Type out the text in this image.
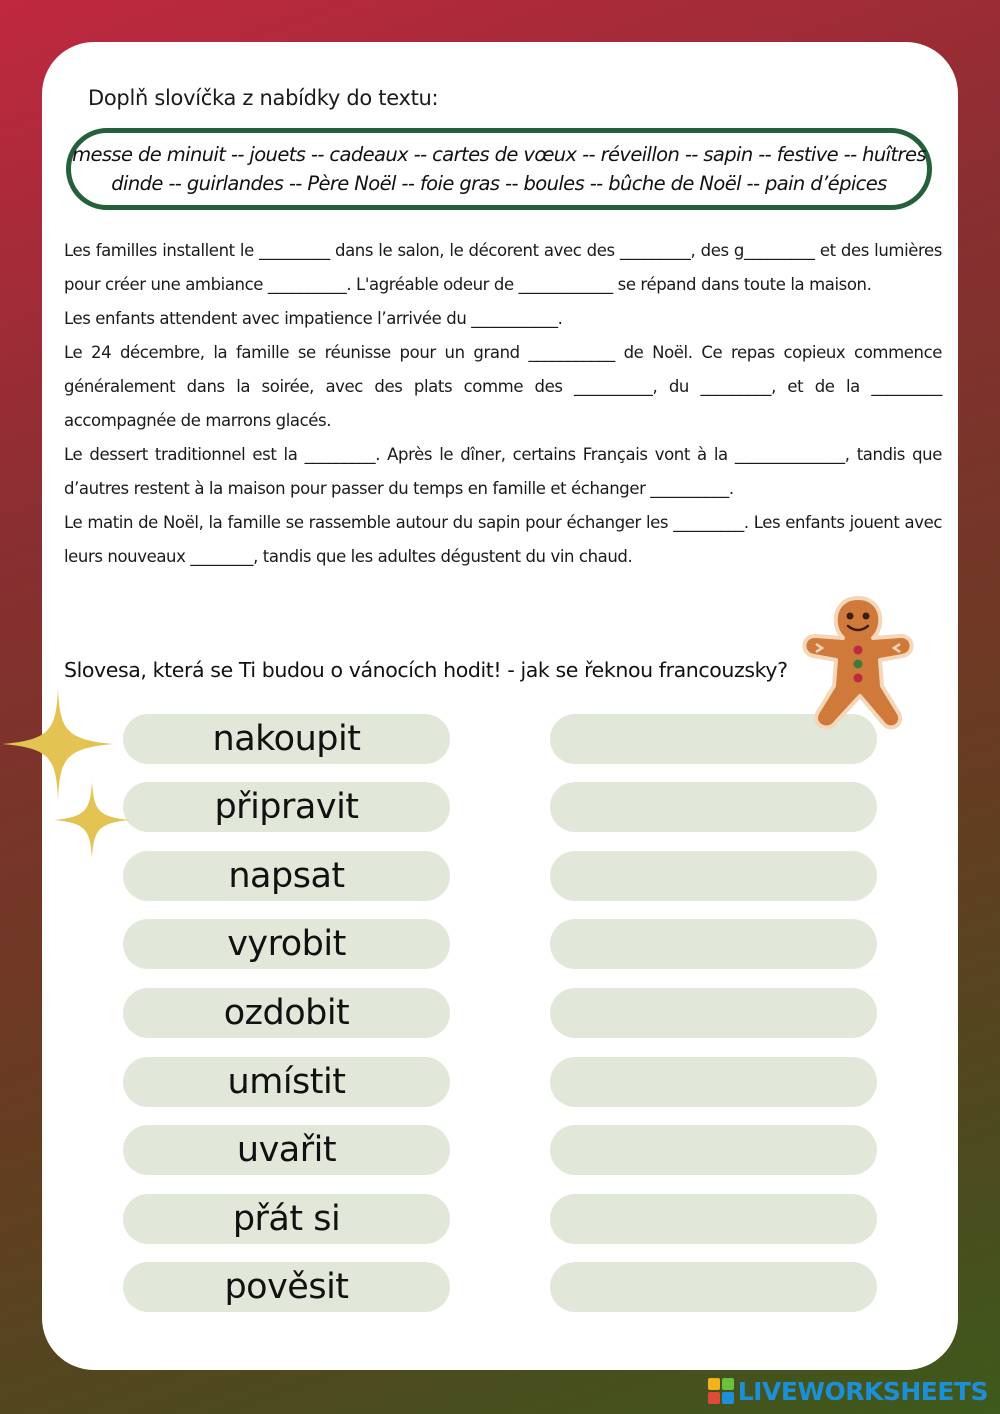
Doplň slovíčka z nabídky do textu:
messe de minuit -- jouets -- cadeaux -- cartes de vœux -- réveillon -- sapin -- festive -- huîtres
dinde -- guirlandes -- Père Noël -- foie gras -- boules -- bûche de Noël -- pain d’épices

Les familles installent le _________ dans le salon, le décorent avec des _________, des g_________ et des lumières pour créer une ambiance __________. L'agréable odeur de ____________ se répand dans toute la maison.

Les enfants attendent avec impatience l’arrivée du ___________.

Le 24 décembre, la famille se réunisse pour un grand ___________ de Noël. Ce repas copieux commence généralement dans la soirée, avec des plats comme des __________, du _________, et de la _________ accompagnée de marrons glacés.

Le dessert traditionnel est la _________. Après le dîner, certains Français vont à la ______________, tandis que d’autres restent à la maison pour passer du temps en famille et échanger __________.

Le matin de Noël, la famille se rassemble autour du sapin pour échanger les _________. Les enfants jouent avec leurs nouveaux ________, tandis que les adultes dégustent du vin chaud.

Slovesa, která se Ti budou o vánocích hodit! - jak se řeknou francouzsky?
nakoupit
připravit
napsat
vyrobit
ozdobit
umístit
uvařit
přát si
pověsit
LIVEWORKSHEETS
